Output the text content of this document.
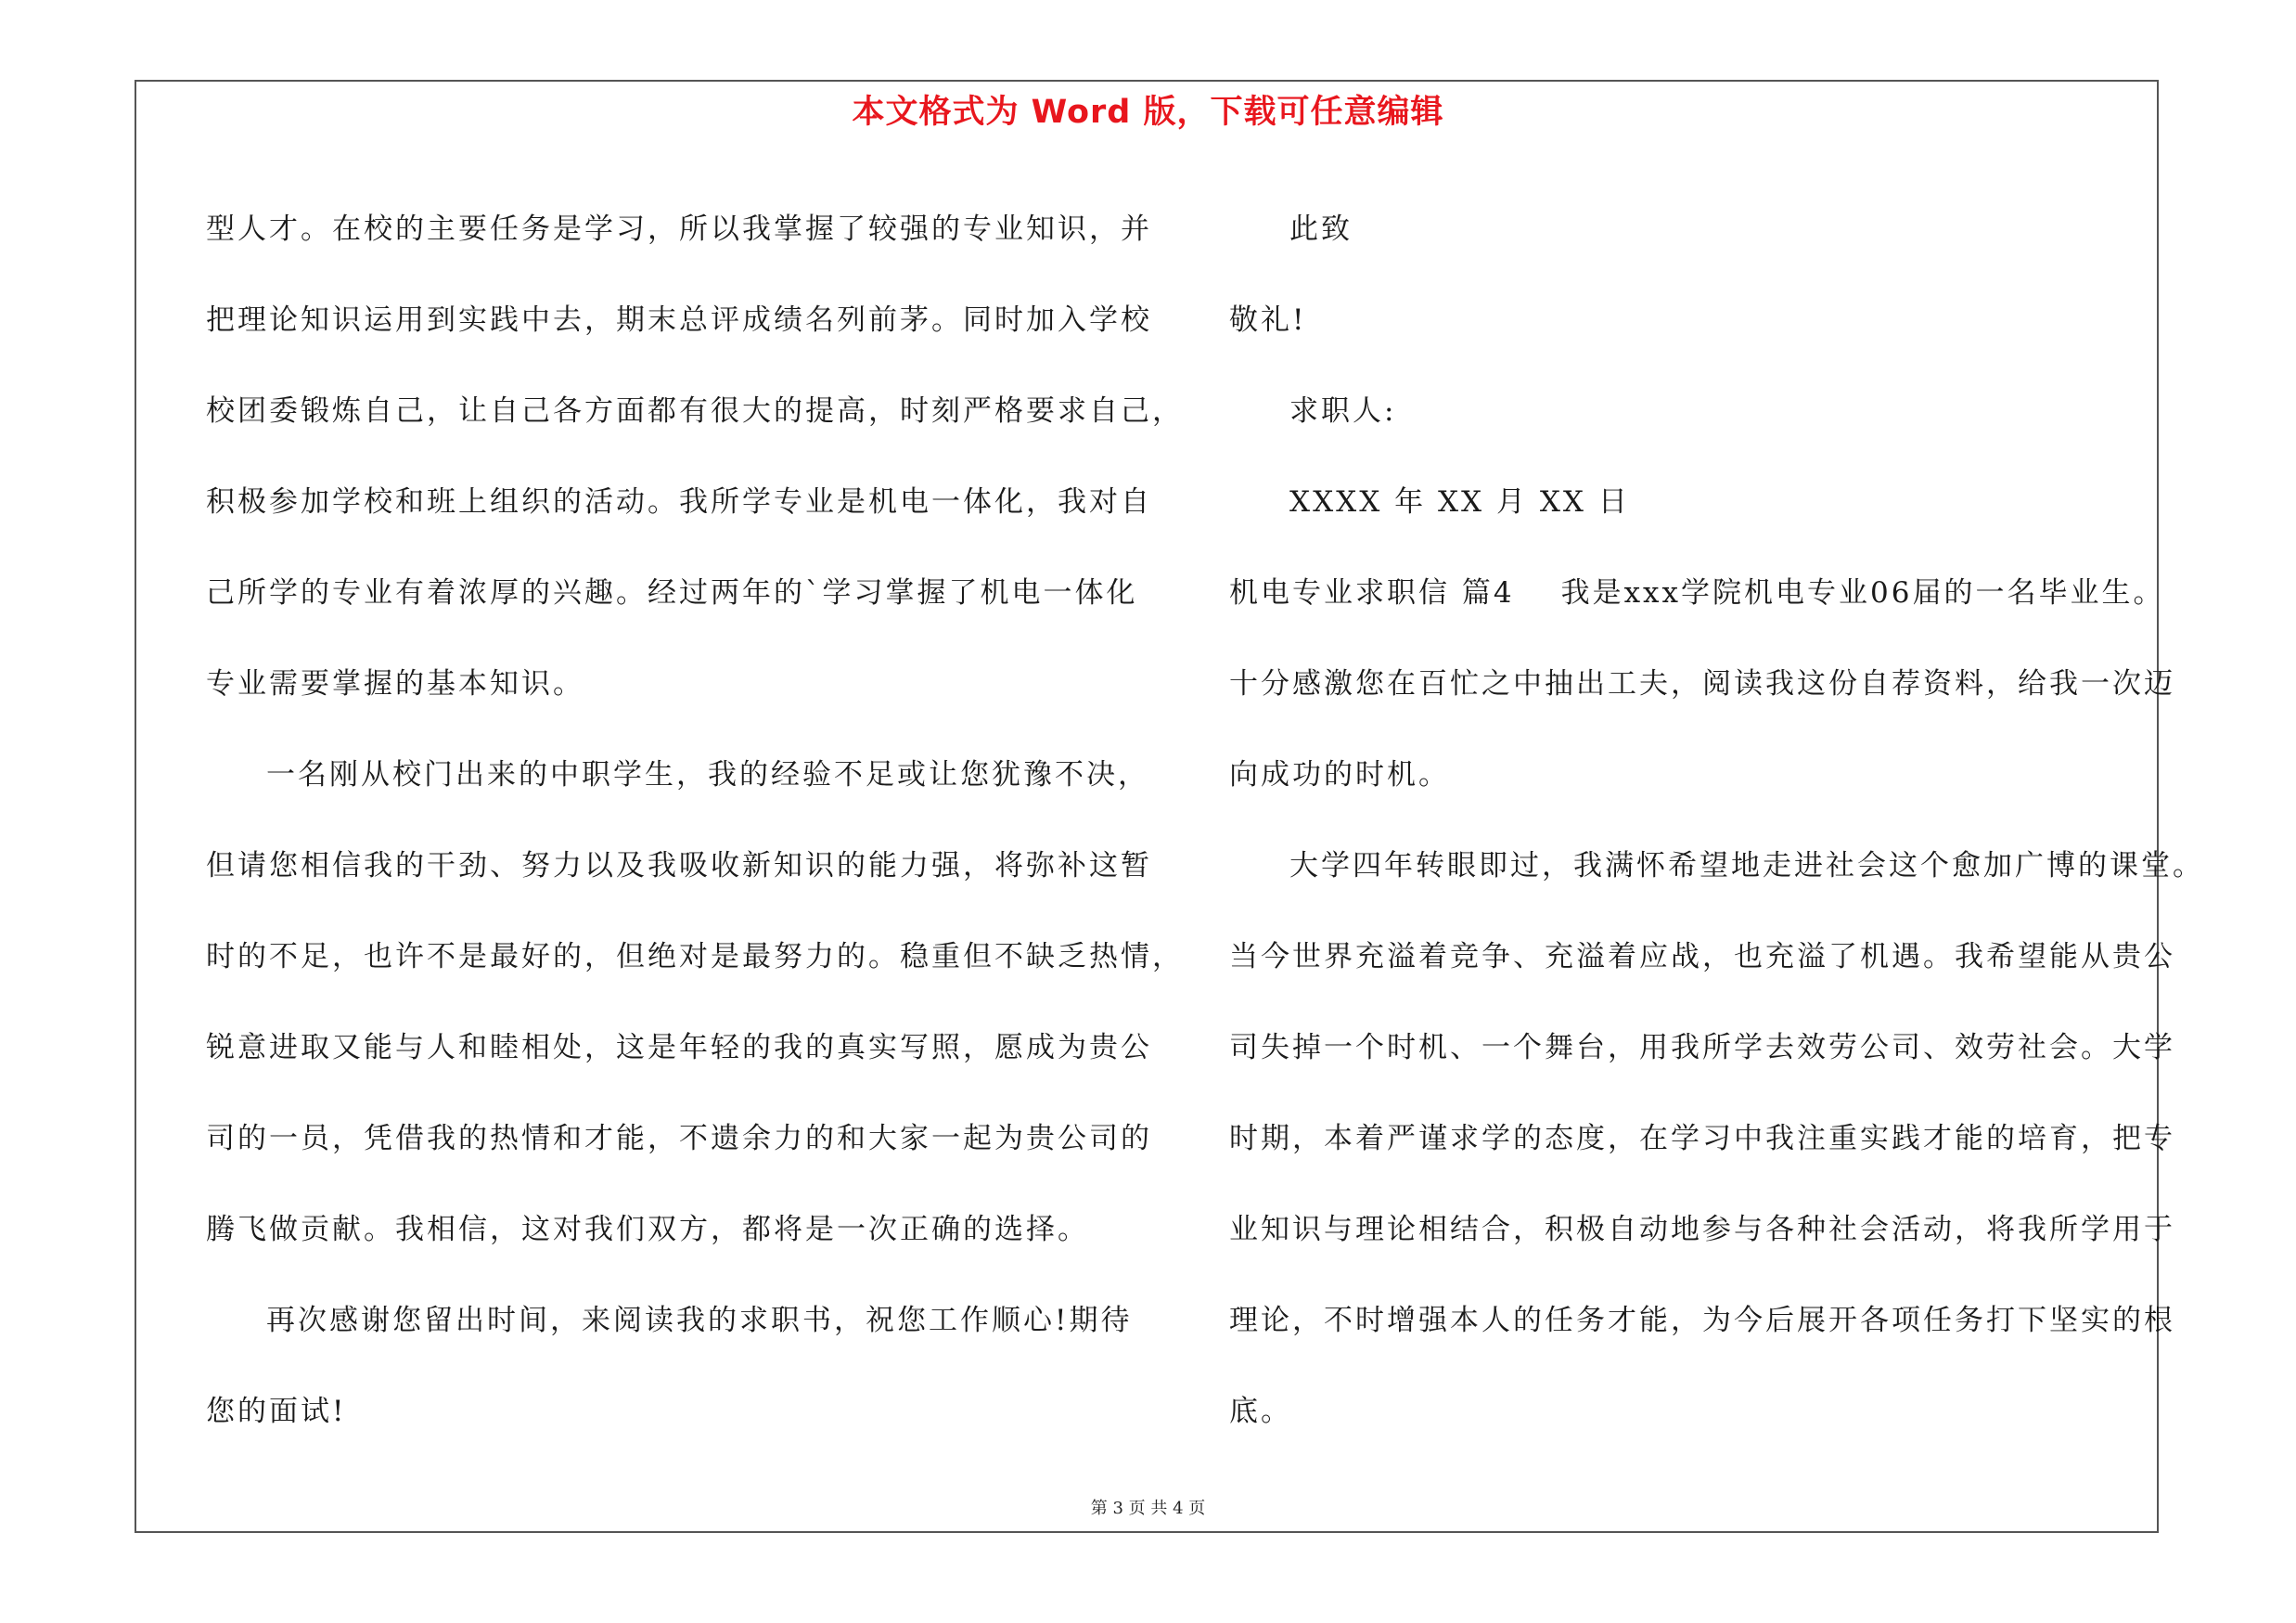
本文格式为 Word 版，下载可任意编辑
型人才。在校的主要任务是学习，所以我掌握了较强的专业知识，并
把理论知识运用到实践中去，期末总评成绩名列前茅。同时加入学校
校团委锻炼自己，让自己各方面都有很大的提高，时刻严格要求自己，
积极参加学校和班上组织的活动。我所学专业是机电一体化，我对自
己所学的专业有着浓厚的兴趣。经过两年的`学习掌握了机电一体化
专业需要掌握的基本知识。
一名刚从校门出来的中职学生，我的经验不足或让您犹豫不决，
但请您相信我的干劲、努力以及我吸收新知识的能力强，将弥补这暂
时的不足，也许不是最好的，但绝对是最努力的。稳重但不缺乏热情，
锐意进取又能与人和睦相处，这是年轻的我的真实写照，愿成为贵公
司的一员，凭借我的热情和才能，不遗余力的和大家一起为贵公司的
腾飞做贡献。我相信，这对我们双方，都将是一次正确的选择。
再次感谢您留出时间，来阅读我的求职书，祝您工作顺心!期待
您的面试!
此致
敬礼!
求职人:
XXXX 年 XX 月 XX 日
机电专业求职信 篇4 我是xxx学院机电专业06届的一名毕业生。
十分感激您在百忙之中抽出工夫，阅读我这份自荐资料，给我一次迈
向成功的时机。
大学四年转眼即过，我满怀希望地走进社会这个愈加广博的课堂。
当今世界充溢着竞争、充溢着应战，也充溢了机遇。我希望能从贵公
司失掉一个时机、一个舞台，用我所学去效劳公司、效劳社会。大学
时期，本着严谨求学的态度，在学习中我注重实践才能的培育，把专
业知识与理论相结合，积极自动地参与各种社会活动，将我所学用于
理论，不时增强本人的任务才能，为今后展开各项任务打下坚实的根
底。
第 3 页 共 4 页
